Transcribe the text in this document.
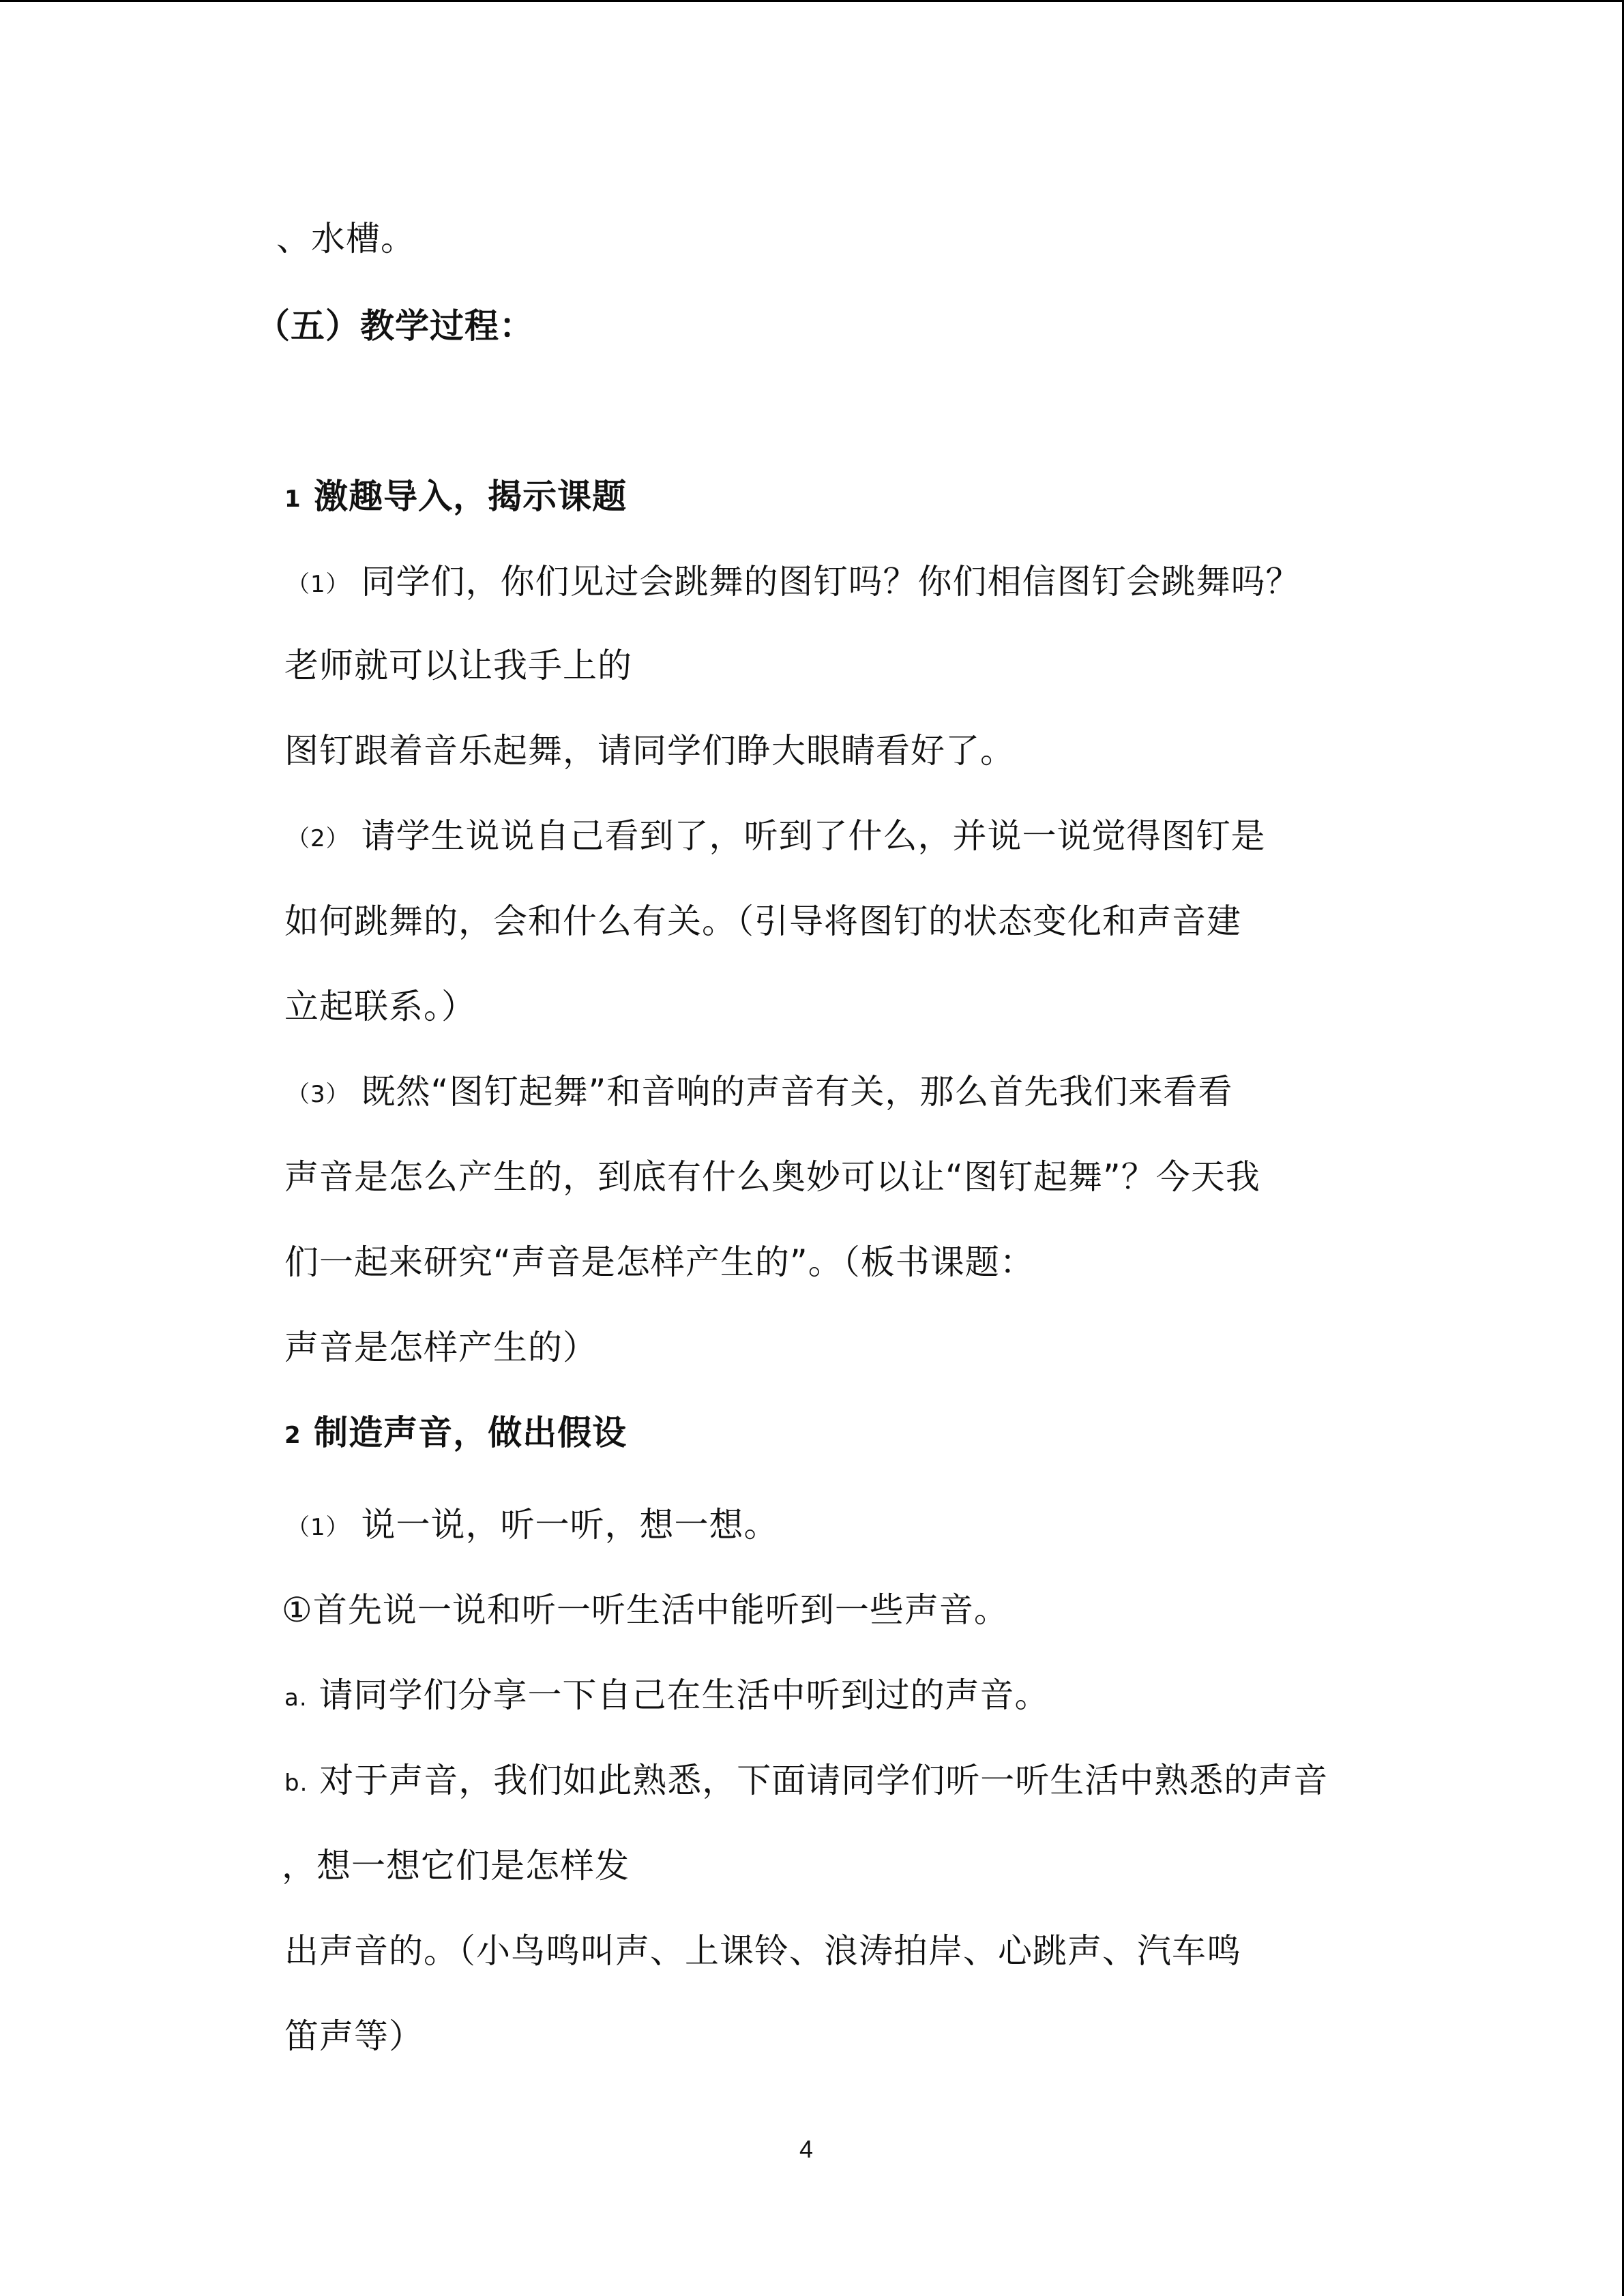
、水槽。
（五）教学过程：
1 激趣导入，揭示课题
（1） 同学们，你们见过会跳舞的图钉吗？你们相信图钉会跳舞吗？
老师就可以让我手上的
图钉跟着音乐起舞，请同学们睁大眼睛看好了。
（2） 请学生说说自己看到了，听到了什么，并说一说觉得图钉是
如何跳舞的，会和什么有关。（引导将图钉的状态变化和声音建
立起联系。）
（3） 既然“图钉起舞”和音响的声音有关，那么首先我们来看看
声音是怎么产生的，到底有什么奥妙可以让“图钉起舞”？今天我
们一起来研究“声音是怎样产生的”。（板书课题：
声音是怎样产生的）
2 制造声音，做出假设
（1） 说一说，听一听，想一想。
①首先说一说和听一听生活中能听到一些声音。
a. 请同学们分享一下自己在生活中听到过的声音。
b. 对于声音，我们如此熟悉，下面请同学们听一听生活中熟悉的声音
，想一想它们是怎样发
出声音的。（小鸟鸣叫声、上课铃、浪涛拍岸、心跳声、汽车鸣
笛声等）
4
